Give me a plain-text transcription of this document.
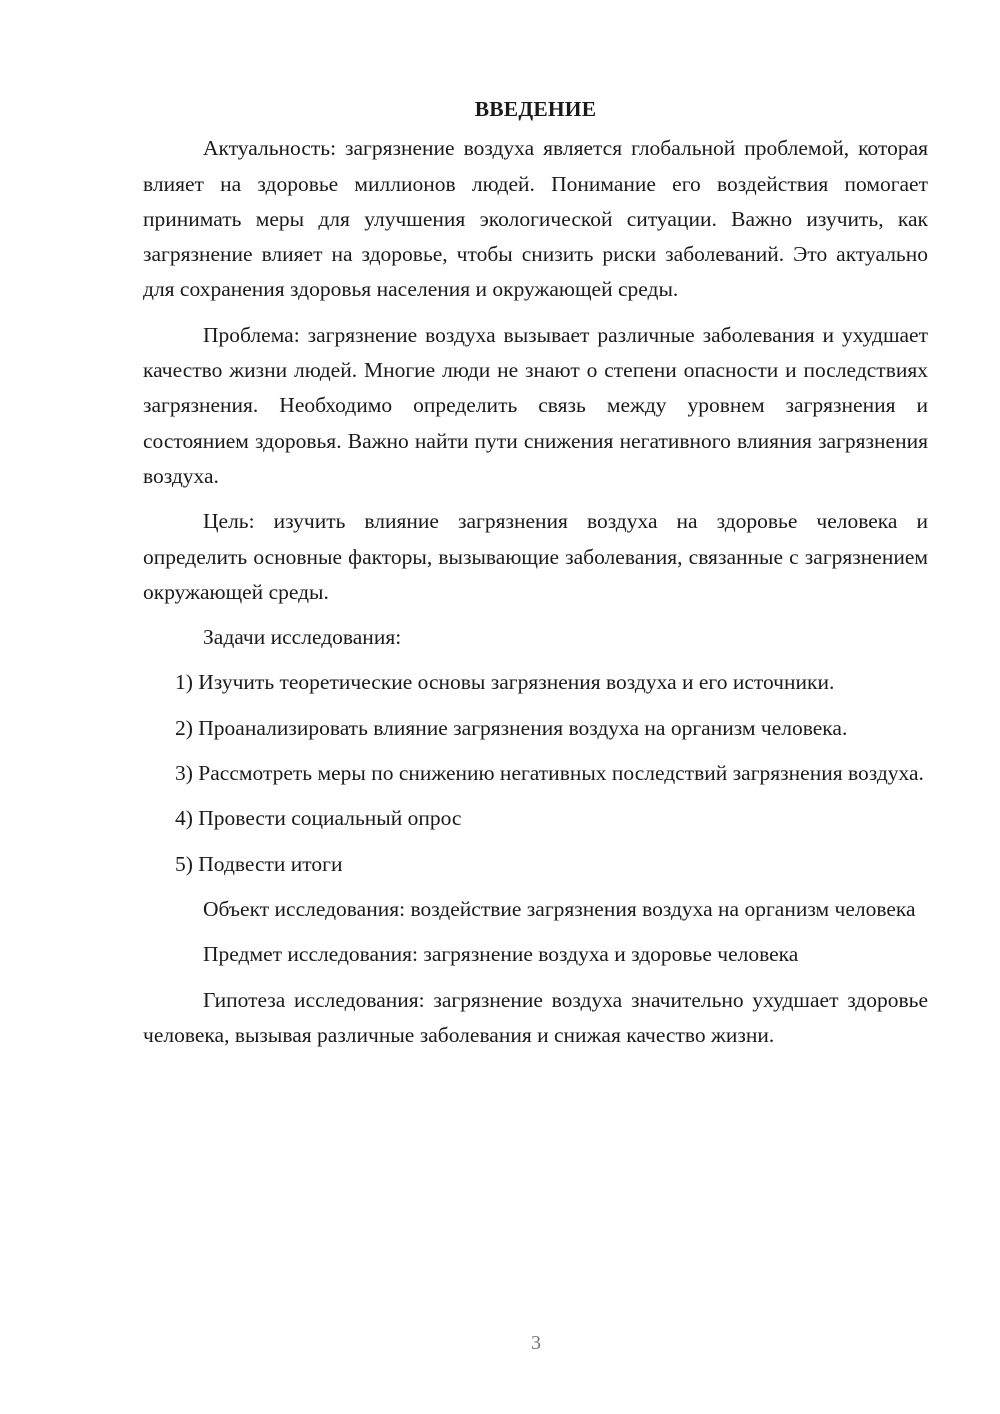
ВВЕДЕНИЕ

Актуальность: загрязнение воздуха является глобальной проблемой, которая влияет на здоровье миллионов людей. Понимание его воздействия помогает принимать меры для улучшения экологической ситуации. Важно изучить, как загрязнение влияет на здоровье, чтобы снизить риски заболеваний. Это актуально для сохранения здоровья населения и окружающей среды.

Проблема: загрязнение воздуха вызывает различные заболевания и ухудшает качество жизни людей. Многие люди не знают о степени опасности и последствиях загрязнения. Необходимо определить связь между уровнем загрязнения и состоянием здоровья. Важно найти пути снижения негативного влияния загрязнения воздуха.

Цель: изучить влияние загрязнения воздуха на здоровье человека и определить основные факторы, вызывающие заболевания, связанные с загрязнением окружающей среды.

Задачи исследования:

1) Изучить теоретические основы загрязнения воздуха и его источники.

2) Проанализировать влияние загрязнения воздуха на организм человека.

3) Рассмотреть меры по снижению негативных последствий загрязнения воздуха.

4) Провести социальный опрос

5) Подвести итоги

Объект исследования: воздействие загрязнения воздуха на организм человека

Предмет исследования: загрязнение воздуха и здоровье человека

Гипотеза исследования: загрязнение воздуха значительно ухудшает здоровье человека, вызывая различные заболевания и снижая качество жизни.

3
